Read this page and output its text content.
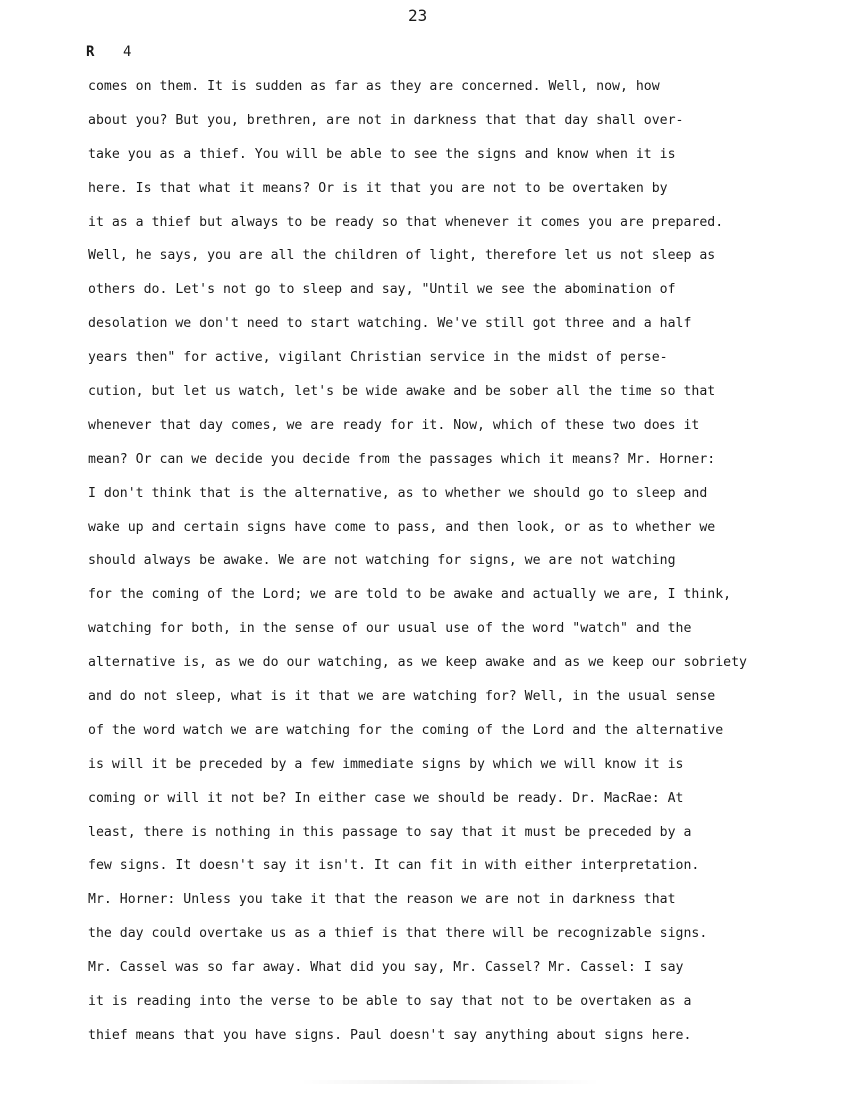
23
R 4
comes on them. It is sudden as far as they are concerned. Well, now, how
about you? But you, brethren, are not in darkness that that day shall over-
take you as a thief. You will be able to see the signs and know when it is
here. Is that what it means? Or is it that you are not to be overtaken by
it as a thief but always to be ready so that whenever it comes you are prepared.
Well, he says, you are all the children of light, therefore let us not sleep as
others do. Let's not go to sleep and say, "Until we see the abomination of
desolation we don't need to start watching. We've still got three and a half
years then" for active, vigilant Christian service in the midst of perse-
cution, but let us watch, let's be wide awake and be sober all the time so that
whenever that day comes, we are ready for it. Now, which of these two does it
mean? Or can we decide you decide from the passages which it means? Mr. Horner:
I don't think that is the alternative, as to whether we should go to sleep and
wake up and certain signs have come to pass, and then look, or as to whether we
should always be awake. We are not watching for signs, we are not watching
for the coming of the Lord; we are told to be awake and actually we are, I think,
watching for both, in the sense of our usual use of the word "watch" and the
alternative is, as we do our watching, as we keep awake and as we keep our sobriety
and do not sleep, what is it that we are watching for? Well, in the usual sense
of the word watch we are watching for the coming of the Lord and the alternative
is will it be preceded by a few immediate signs by which we will know it is
coming or will it not be? In either case we should be ready. Dr. MacRae: At
least, there is nothing in this passage to say that it must be preceded by a
few signs. It doesn't say it isn't. It can fit in with either interpretation.
Mr. Horner: Unless you take it that the reason we are not in darkness that
the day could overtake us as a thief is that there will be recognizable signs.
Mr. Cassel was so far away. What did you say, Mr. Cassel? Mr. Cassel: I say
it is reading into the verse to be able to say that not to be overtaken as a
thief means that you have signs. Paul doesn't say anything about signs here.
